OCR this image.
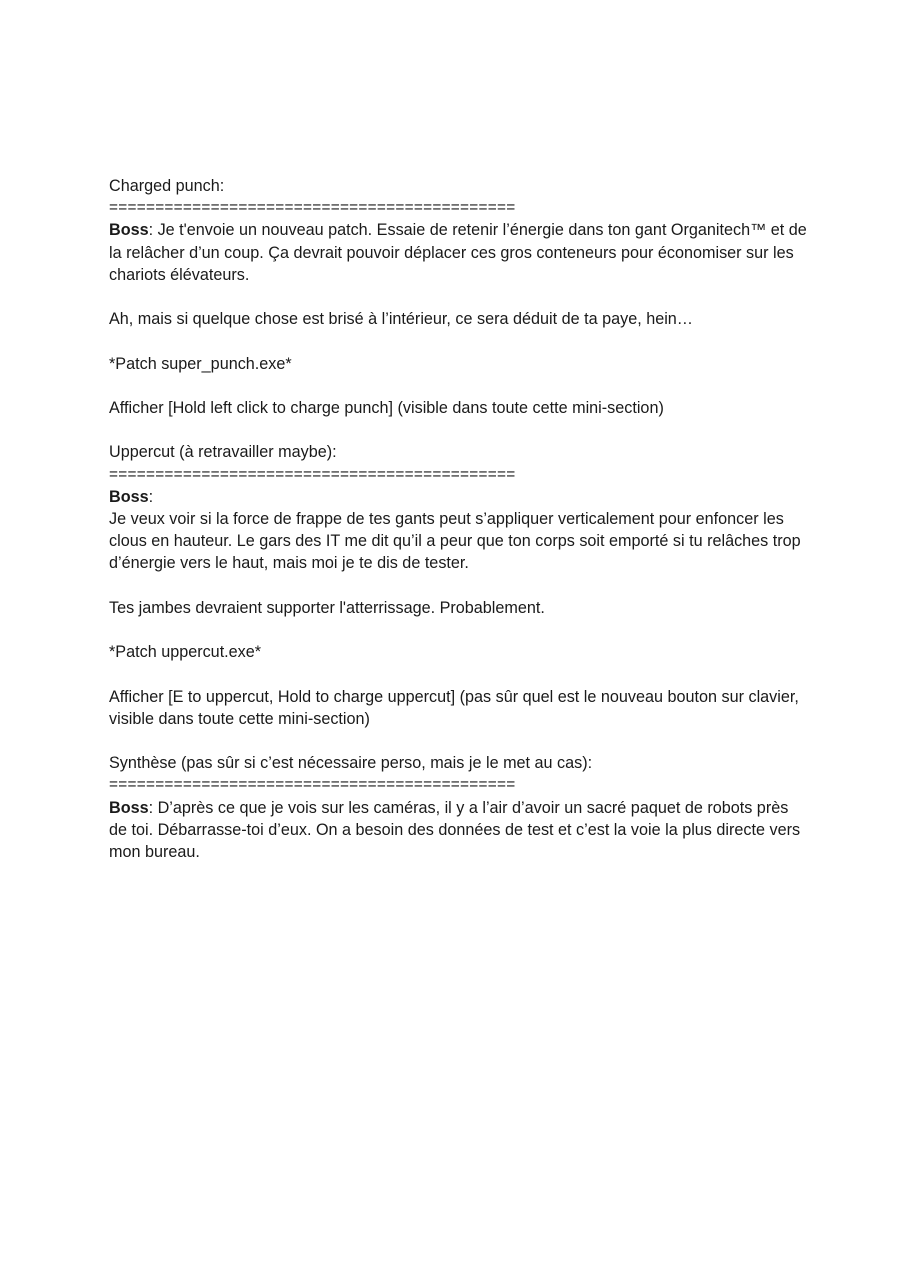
Charged punch:

============================================

Boss: Je t'envoie un nouveau patch. Essaie de retenir l’énergie dans ton gant Organitech™ et de la relâcher d’un coup. Ça devrait pouvoir déplacer ces gros conteneurs pour économiser sur les chariots élévateurs.

Ah, mais si quelque chose est brisé à l’intérieur, ce sera déduit de ta paye, hein…

*Patch super_punch.exe*

Afficher [Hold left click to charge punch] (visible dans toute cette mini-section)

Uppercut (à retravailler maybe):

============================================

Boss:

Je veux voir si la force de frappe de tes gants peut s’appliquer verticalement pour enfoncer les clous en hauteur. Le gars des IT me dit qu’il a peur que ton corps soit emporté si tu relâches trop d’énergie vers le haut, mais moi je te dis de tester.

Tes jambes devraient supporter l'atterrissage. Probablement.

*Patch uppercut.exe*

Afficher [E to uppercut, Hold to charge uppercut] (pas sûr quel est le nouveau bouton sur clavier, visible dans toute cette mini-section)

Synthèse (pas sûr si c’est nécessaire perso, mais je le met au cas):

============================================

Boss: D’après ce que je vois sur les caméras, il y a l’air d’avoir un sacré paquet de robots près de toi. Débarrasse-toi d’eux. On a besoin des données de test et c’est la voie la plus directe vers mon bureau.
